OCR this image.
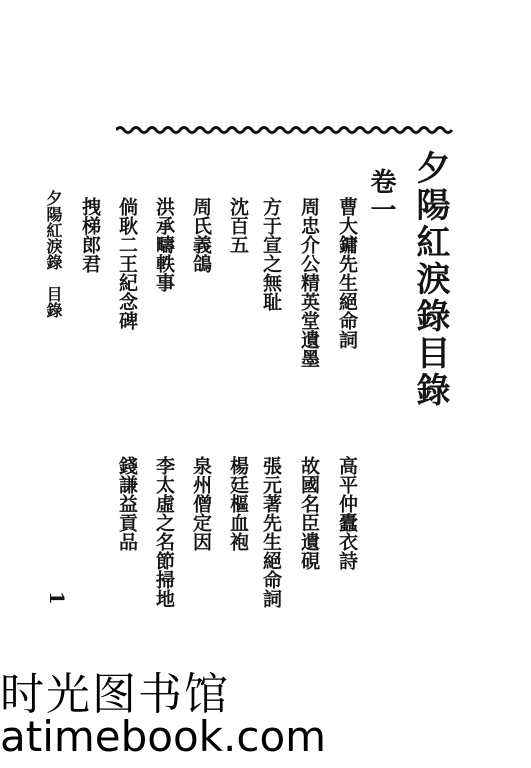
夕陽紅淚錄目錄
卷一
曹大鏞先生絕命詞
周忠介公精英堂遺墨
方于宣之無耻
沈百五
周氏義鴿
洪承疇軼事
倘耿二王紀念碑
拽梯郎君
高平仲蠹衣詩
故國名臣遺硯
張元著先生絕命詞
楊廷樞血袍
泉州僧定因
李太虛之名節掃地
錢謙益貢品
夕陽紅淚錄　目錄
1
时光图书馆
atimebook.com
